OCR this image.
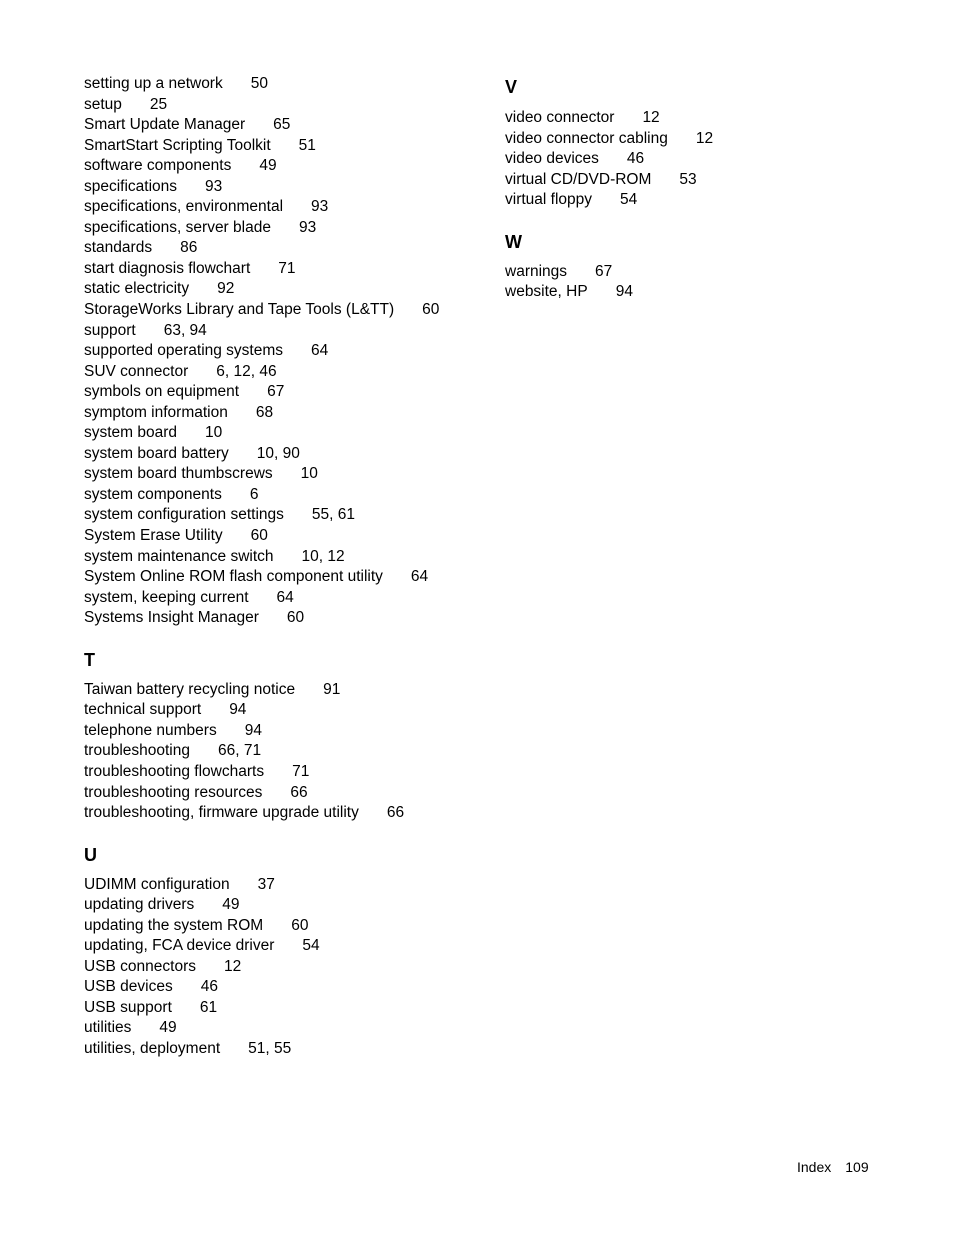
setting up a network 50
setup 25
Smart Update Manager 65
SmartStart Scripting Toolkit 51
software components 49
specifications 93
specifications, environmental 93
specifications, server blade 93
standards 86
start diagnosis flowchart 71
static electricity 92
StorageWorks Library and Tape Tools (L&TT) 60
support 63, 94
supported operating systems 64
SUV connector 6, 12, 46
symbols on equipment 67
symptom information 68
system board 10
system board battery 10, 90
system board thumbscrews 10
system components 6
system configuration settings 55, 61
System Erase Utility 60
system maintenance switch 10, 12
System Online ROM flash component utility 64
system, keeping current 64
Systems Insight Manager 60
T
Taiwan battery recycling notice 91
technical support 94
telephone numbers 94
troubleshooting 66, 71
troubleshooting flowcharts 71
troubleshooting resources 66
troubleshooting, firmware upgrade utility 66
U
UDIMM configuration 37
updating drivers 49
updating the system ROM 60
updating, FCA device driver 54
USB connectors 12
USB devices 46
USB support 61
utilities 49
utilities, deployment 51, 55
V
video connector 12
video connector cabling 12
video devices 46
virtual CD/DVD-ROM 53
virtual floppy 54
W
warnings 67
website, HP 94
Index 109
